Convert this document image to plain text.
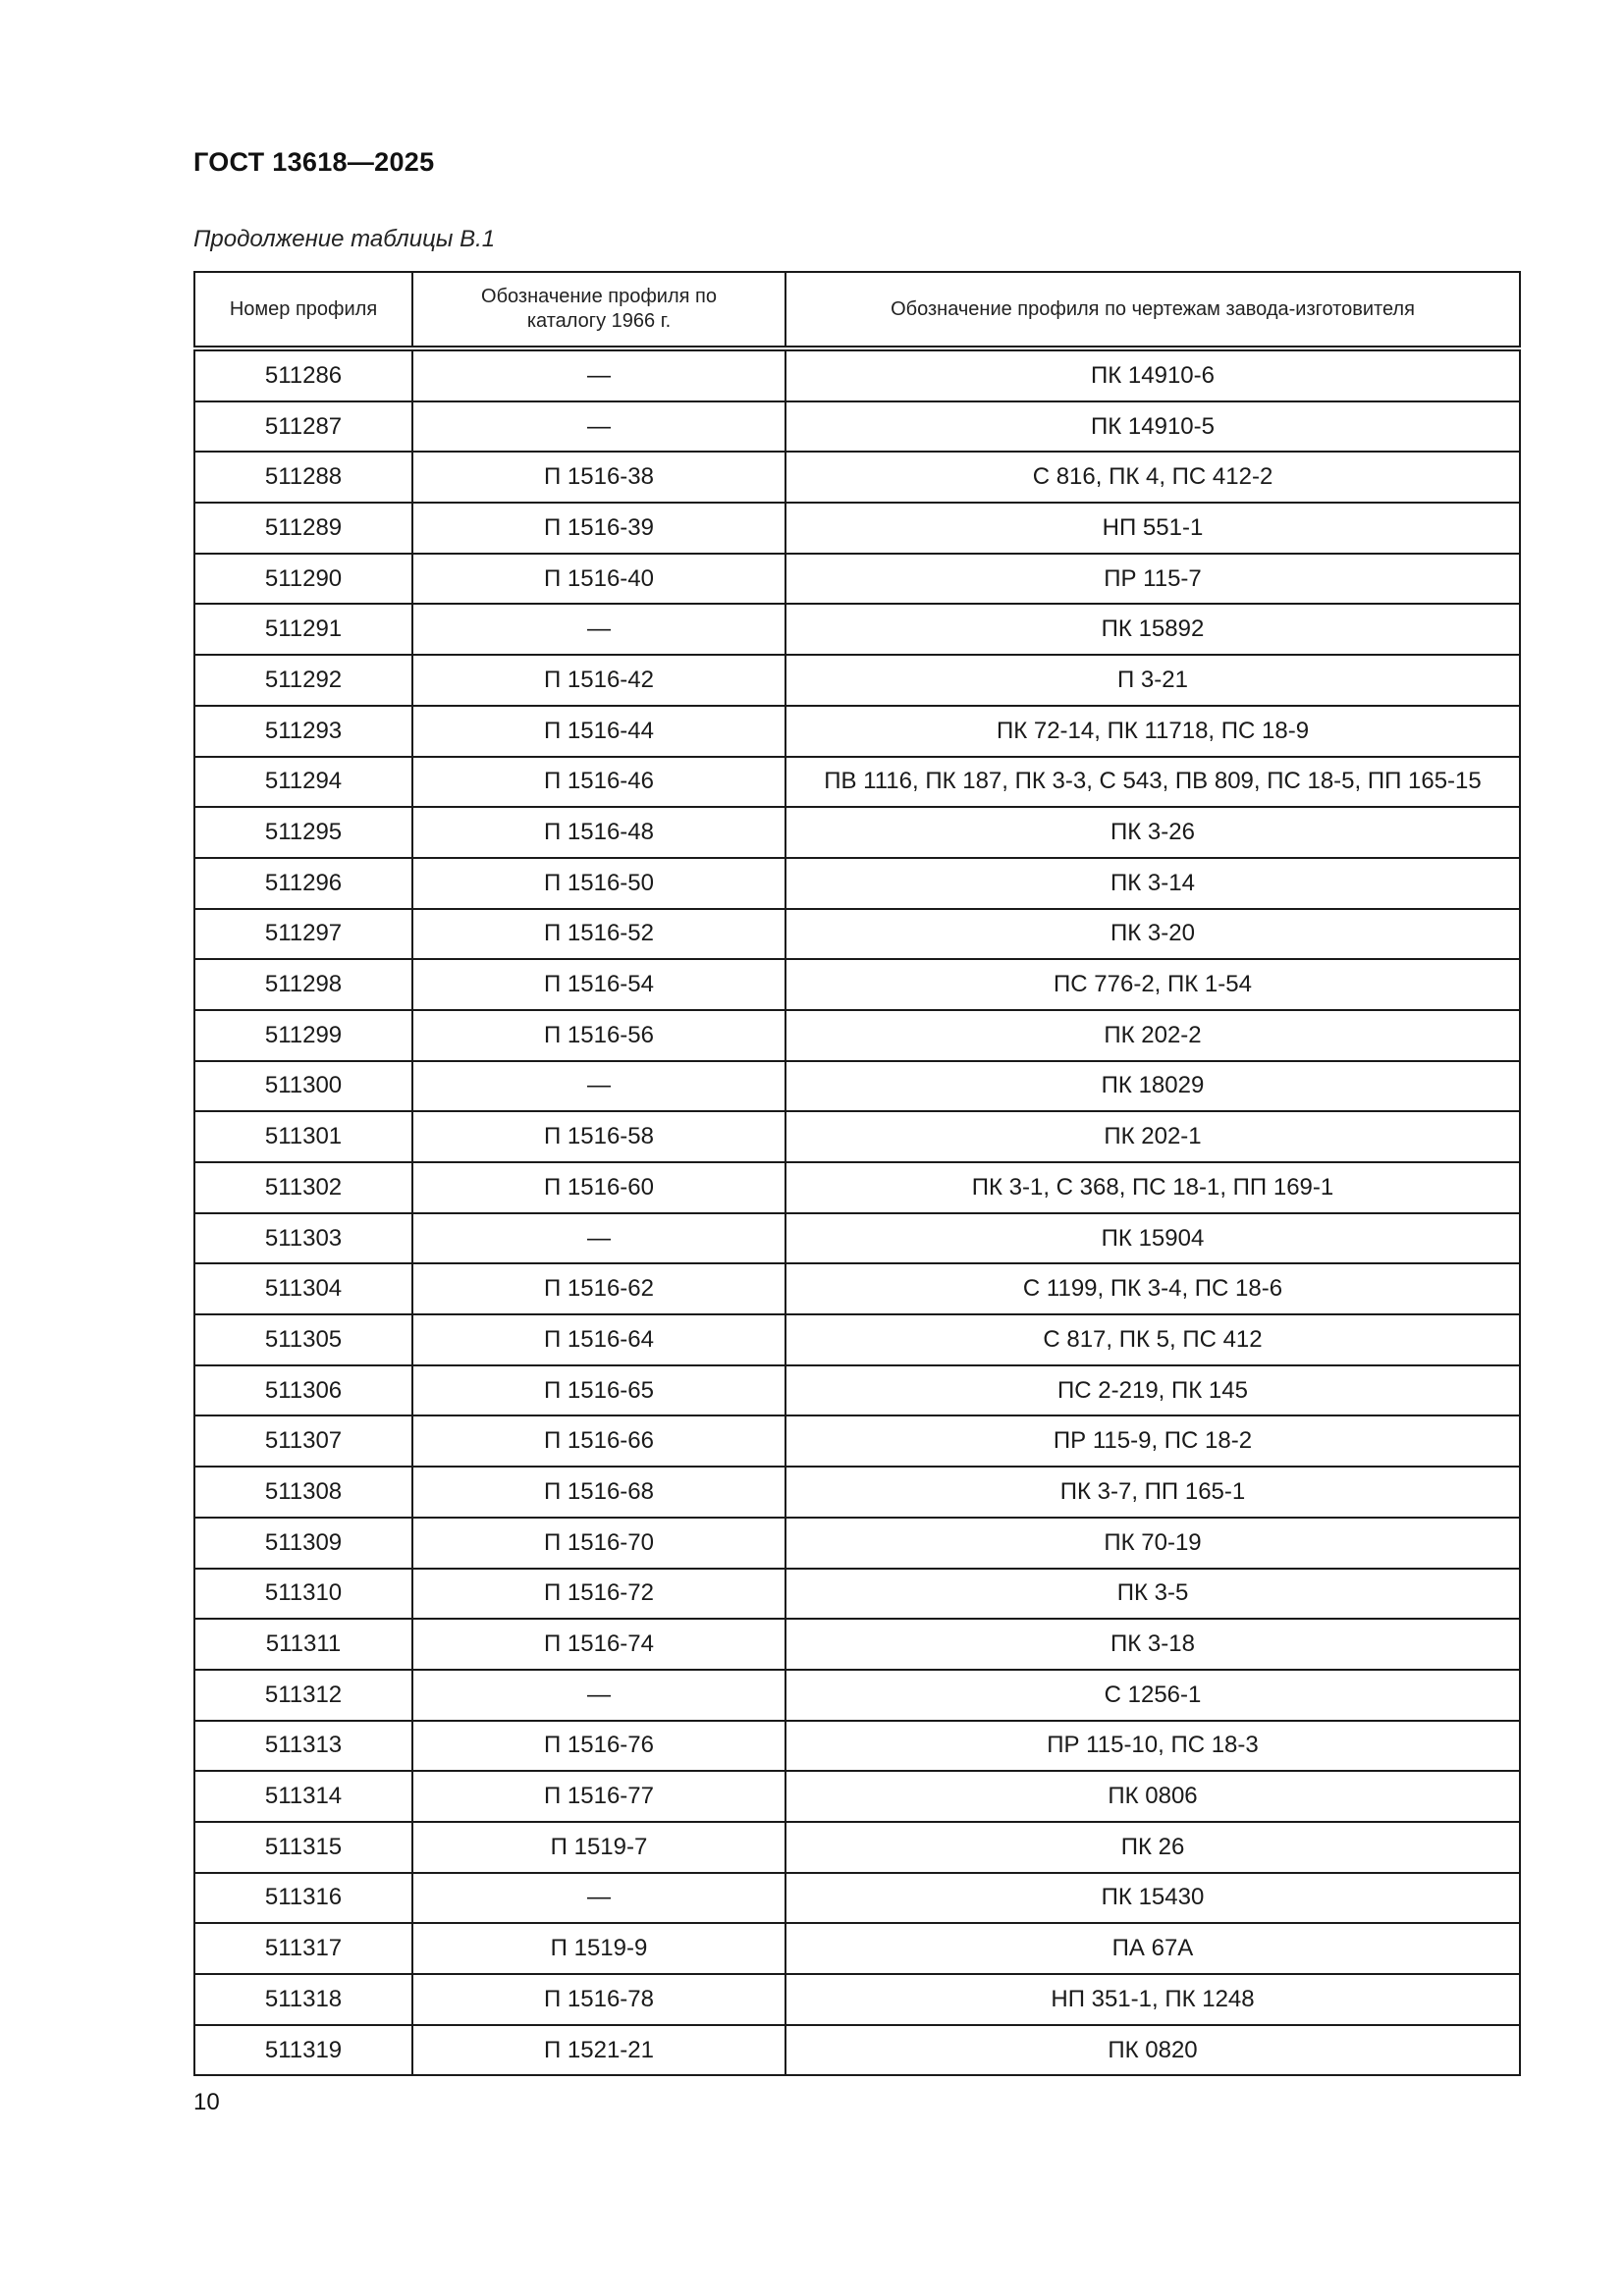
ГОСТ 13618—2025
Продолжение таблицы В.1
Номер профиля	Обозначение профиля по каталогу 1966 г.	Обозначение профиля по чертежам завода-изготовителя
511286	—	ПК 14910-6
511287	—	ПК 14910-5
511288	П 1516-38	С 816, ПК 4, ПС 412-2
511289	П 1516-39	НП 551-1
511290	П 1516-40	ПР 115-7
511291	—	ПК 15892
511292	П 1516-42	П 3-21
511293	П 1516-44	ПК 72-14, ПК 11718, ПС 18-9
511294	П 1516-46	ПВ 1116, ПК 187, ПК 3-3, С 543, ПВ 809, ПС 18-5, ПП 165-15
511295	П 1516-48	ПК 3-26
511296	П 1516-50	ПК 3-14
511297	П 1516-52	ПК 3-20
511298	П 1516-54	ПС 776-2, ПК 1-54
511299	П 1516-56	ПК 202-2
511300	—	ПК 18029
511301	П 1516-58	ПК 202-1
511302	П 1516-60	ПК 3-1, С 368, ПС 18-1, ПП 169-1
511303	—	ПК 15904
511304	П 1516-62	С 1199, ПК 3-4, ПС 18-6
511305	П 1516-64	С 817, ПК 5, ПС 412
511306	П 1516-65	ПС 2-219, ПК 145
511307	П 1516-66	ПР 115-9, ПС 18-2
511308	П 1516-68	ПК 3-7, ПП 165-1
511309	П 1516-70	ПК 70-19
511310	П 1516-72	ПК 3-5
511311	П 1516-74	ПК 3-18
511312	—	С 1256-1
511313	П 1516-76	ПР 115-10, ПС 18-3
511314	П 1516-77	ПК 0806
511315	П 1519-7	ПК 26
511316	—	ПК 15430
511317	П 1519-9	ПА 67А
511318	П 1516-78	НП 351-1, ПК 1248
511319	П 1521-21	ПК 0820
10
